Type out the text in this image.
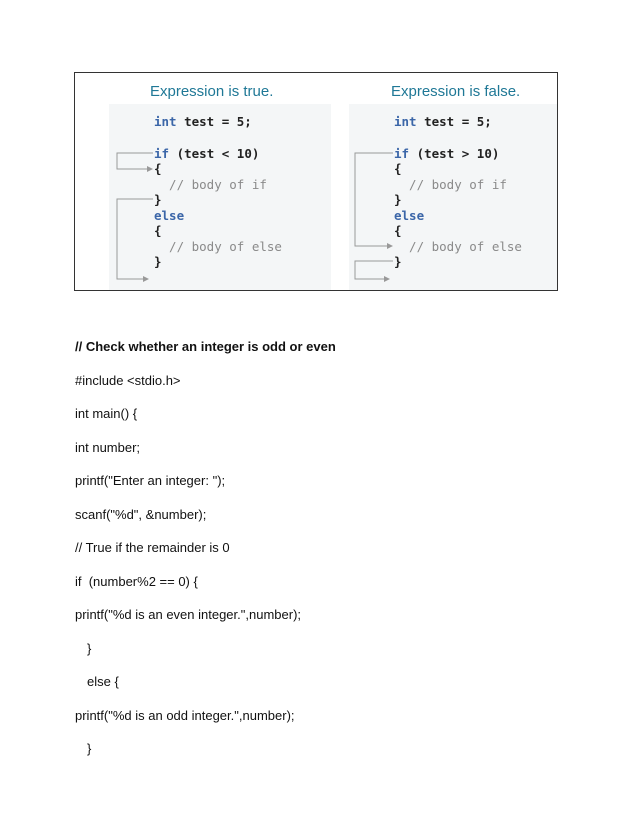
Expression is true.	Expression is false.
int test = 5;
if (test < 10)
{
// body of if
}
else
{
// body of else
}
int test = 5;
if (test > 10)
{
// body of if
}
else
{
// body of else
}
// Check whether an integer is odd or even
#include <stdio.h>
int main() {
int number;
printf("Enter an integer: ");
scanf("%d", &number);
// True if the remainder is 0
if  (number%2 == 0) {
printf("%d is an even integer.",number);
}
else {
printf("%d is an odd integer.",number);
}
